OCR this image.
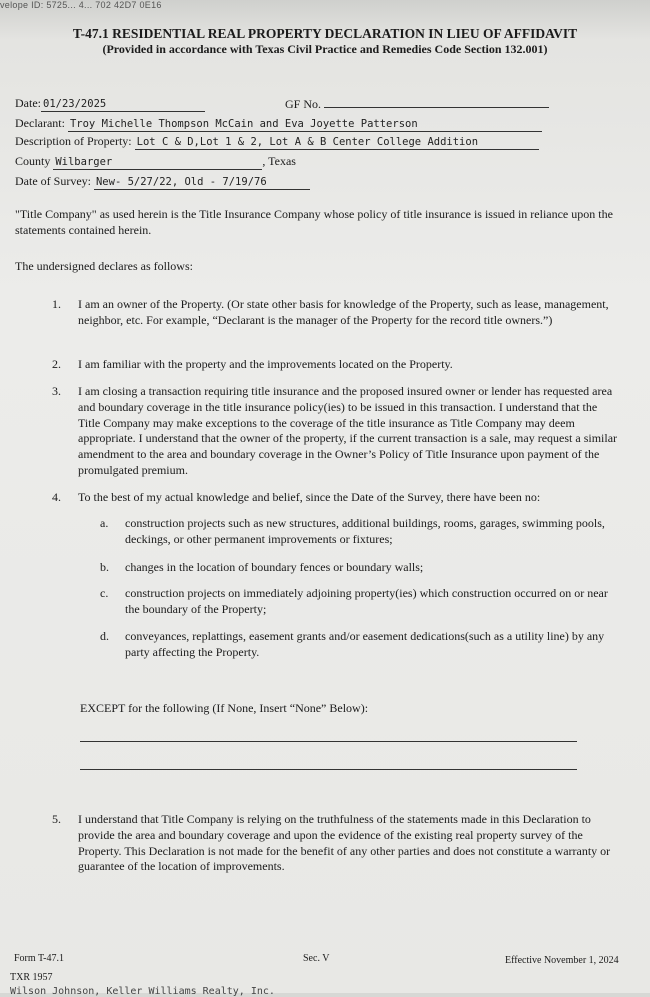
velope ID: 5725... 4... 702 42D7 0E16
T-47.1 RESIDENTIAL REAL PROPERTY DECLARATION IN LIEU OF AFFIDAVIT
(Provided in accordance with Texas Civil Practice and Remedies Code Section 132.001)
Date: 01/23/2025	GF No.
Declarant: Troy Michelle Thompson McCain and Eva Joyette Patterson
Description of Property: Lot C & D,Lot 1 & 2, Lot A & B Center College Addition
County Wilbarger	, Texas
Date of Survey: New- 5/27/22, Old - 7/19/76
"Title Company" as used herein is the Title Insurance Company whose policy of title insurance is issued in reliance upon the statements contained herein.
The undersigned declares as follows:
1. I am an owner of the Property. (Or state other basis for knowledge of the Property, such as lease, management, neighbor, etc. For example, “Declarant is the manager of the Property for the record title owners.”)
2. I am familiar with the property and the improvements located on the Property.
3. I am closing a transaction requiring title insurance and the proposed insured owner or lender has requested area and boundary coverage in the title insurance policy(ies) to be issued in this transaction. I understand that the Title Company may make exceptions to the coverage of the title insurance as Title Company may deem appropriate. I understand that the owner of the property, if the current transaction is a sale, may request a similar amendment to the area and boundary coverage in the Owner’s Policy of Title Insurance upon payment of the promulgated premium.
4. To the best of my actual knowledge and belief, since the Date of the Survey, there have been no:
a. construction projects such as new structures, additional buildings, rooms, garages, swimming pools, deckings, or other permanent improvements or fixtures;
b. changes in the location of boundary fences or boundary walls;
c. construction projects on immediately adjoining property(ies) which construction occurred on or near the boundary of the Property;
d. conveyances, replattings, easement grants and/or easement dedications(such as a utility line) by any party affecting the Property.
EXCEPT for the following (If None, Insert “None” Below):
5. I understand that Title Company is relying on the truthfulness of the statements made in this Declaration to provide the area and boundary coverage and upon the evidence of the existing real property survey of the Property. This Declaration is not made for the benefit of any other parties and does not constitute a warranty or guarantee of the location of improvements.
Form T-47.1	Sec. V	Effective November 1, 2024
TXR 1957
Wilson Johnson, Keller Williams Realty, Inc.
